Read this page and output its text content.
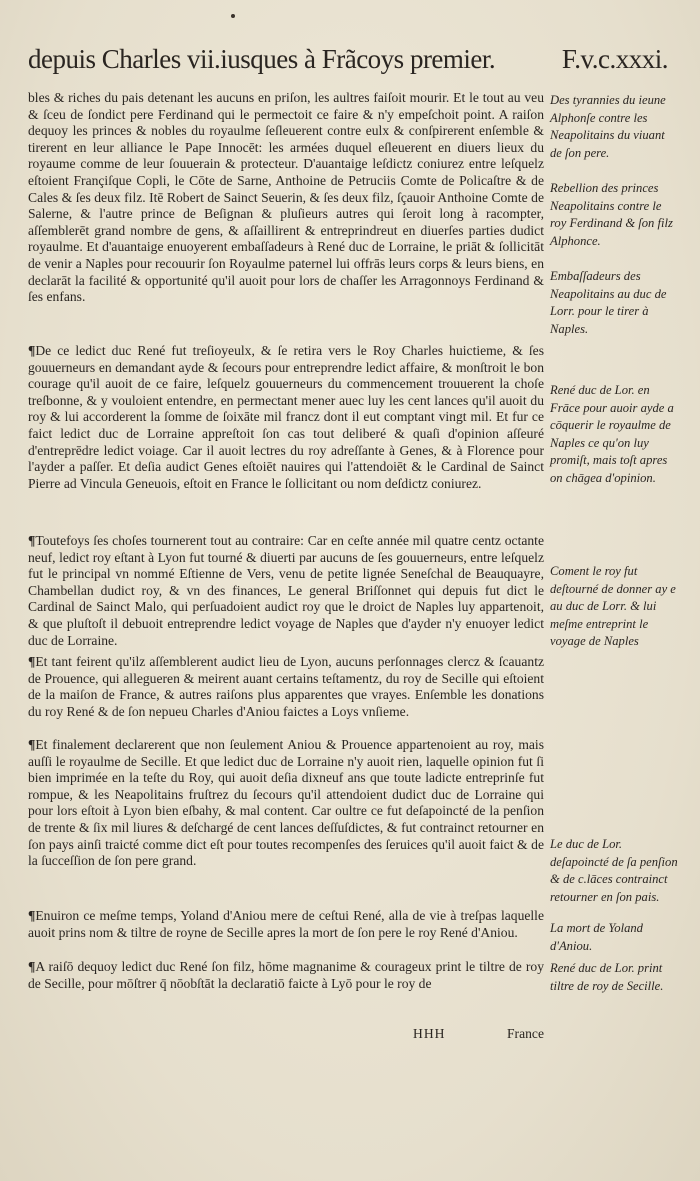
depuis Charles vii.iusques à Frãcoys premier. F.v.c.xxxi.

bles & riches du pais detenant les aucuns en priſon, les aultres faiſoit mourir. Et le tout au veu & ſceu de ſondict pere Ferdinand qui le permectoit ce faire & n'y empeſchoit point. A raiſon dequoy les princes & nobles du royaulme ſeſleuerent contre eulx & conſpirerent enſemble & tirerent en leur alliance le Pape Innocēt: les armées duquel eſleuerent en diuers lieux du royaume comme de leur ſouuerain & protecteur. D'auantaige leſdictz coniurez entre leſquelz eſtoient Françiſque Copli, le Cōte de Sarne, Anthoine de Petruciis Comte de Policaſtre & de Cales & ſes deux filz. Itē Robert de Sainct Seuerin, & ſes deux filz, ſçauoir Anthoine Comte de Salerne, & l'autre prince de Beſignan & pluſieurs autres qui ſeroit long à racompter, aſſemblerēt grand nombre de gens, & aſſaillirent & entreprindreut en diuerſes parties dudict royaulme. Et d'auantaige enuoyerent embaſſadeurs à René duc de Lorraine, le priāt & ſollicitāt de venir a Naples pour recouurir ſon Royaulme paternel lui offrās leurs corps & leurs biens, en declarāt la facilité & opportunité qu'il auoit pour lors de chaſſer les Arragonnoys Ferdinand & ſes enfans.

¶De ce ledict duc René fut treſioyeulx, & ſe retira vers le Roy Charles huictieme, & ſes gouuerneurs en demandant ayde & ſecours pour entreprendre ledict affaire, & monſtroit le bon courage qu'il auoit de ce faire, leſquelz gouuerneurs du commencement trouuerent la choſe treſbonne, & y vouloient entendre, en permectant mener auec luy les cent lances qu'il auoit du roy & lui accorderent la ſomme de ſoixāte mil francz dont il eut comptant vingt mil. Et fur ce faict ledict duc de Lorraine appreſtoit ſon cas tout deliberé & quaſi d'opinion aſſeuré d'entreprēdre ledict voiage. Car il auoit lectres du roy adreſſante à Genes, & à Florence pour l'ayder a paſſer. Et deſia audict Genes eſtoiēt nauires qui l'attendoiēt & le Cardinal de Sainct Pierre ad Vincula Geneuois, eſtoit en France le ſollicitant ou nom deſdictz coniurez.

¶Toutefoys ſes choſes tournerent tout au contraire: Car en ceſte année mil quatre centz octante neuf, ledict roy eſtant à Lyon fut tourné & diuerti par aucuns de ſes gouuerneurs, entre leſquelz fut le principal vn nommé Eſtienne de Vers, venu de petite lignée Seneſchal de Beauquayre, Chambellan dudict roy, & vn des finances, Le general Briſſonnet qui depuis fut dict le Cardinal de Sainct Malo, qui perſuadoient audict roy que le droict de Naples luy appartenoit, & que pluſtoſt il debuoit entreprendre ledict voyage de Naples que d'ayder n'y enuoyer ledict duc de Lorraine.

¶Et tant feirent qu'ilz aſſemblerent audict lieu de Lyon, aucuns perſonnages clercz & ſcauantz de Prouence, qui allegueren & meirent auant certains teſtamentz, du roy de Secille qui eſtoient de la maiſon de France, & autres raiſons plus apparentes que vrayes. Enſemble les donations du roy René & de ſon nepueu Charles d'Aniou faictes a Loys vnſieme.

¶Et finalement declarerent que non ſeulement Aniou & Prouence appartenoient au roy, mais auſſi le royaulme de Secille. Et que ledict duc de Lorraine n'y auoit rien, laquelle opinion fut ſi bien imprimée en la teſte du Roy, qui auoit deſia dixneuf ans que toute ladicte entreprinſe fut rompue, & les Neapolitains fruſtrez du ſecours qu'il attendoient dudict duc de Lorraine qui pour lors eſtoit à Lyon bien eſbahy, & mal content. Car oultre ce fut deſapoincté de la penſion de trente & ſix mil liures & deſchargé de cent lances deſſuſdictes, & fut contrainct retourner en ſon pays ainſi traicté comme dict eſt pour toutes recompenſes des ſeruices qu'il auoit faict & de la ſucceſſion de ſon pere grand.

¶Enuiron ce meſme temps, Yoland d'Aniou mere de ceſtui René, alla de vie à treſpas laquelle auoit prins nom & tiltre de royne de Secille apres la mort de ſon pere le roy René d'Aniou.

¶A raiſō dequoy ledict duc René ſon filz, hōme magnanime & courageux print le tiltre de roy de Secille, pour mōſtrer q̄ nōobſtāt la declaratiō faicte à Lyō pour le roy de

Des tyrannies du ieune Alphonſe contre les Neapolitains du viuant de ſon pere.
Rebellion des princes Neapolitains contre le roy Ferdinand & ſon filz Alphonce.
Embaſſadeurs des Neapolitains au duc de Lorr. pour le tirer à Naples.
René duc de Lor. en Frāce pour auoir ayde a cōquerir le royaulme de Naples ce qu'on luy promiſt, mais toſt apres on chāgea d'opinion.
Coment le roy fut deſtourné de donner ay e au duc de Lorr. & lui meſme entreprint le voyage de Naples
Le duc de Lor. deſapoincté de ſa penſion & de c.lāces contrainct retourner en ſon pais.
La mort de Yoland d'Aniou.
René duc de Lor. print tiltre de roy de Secille.
HHH	France
